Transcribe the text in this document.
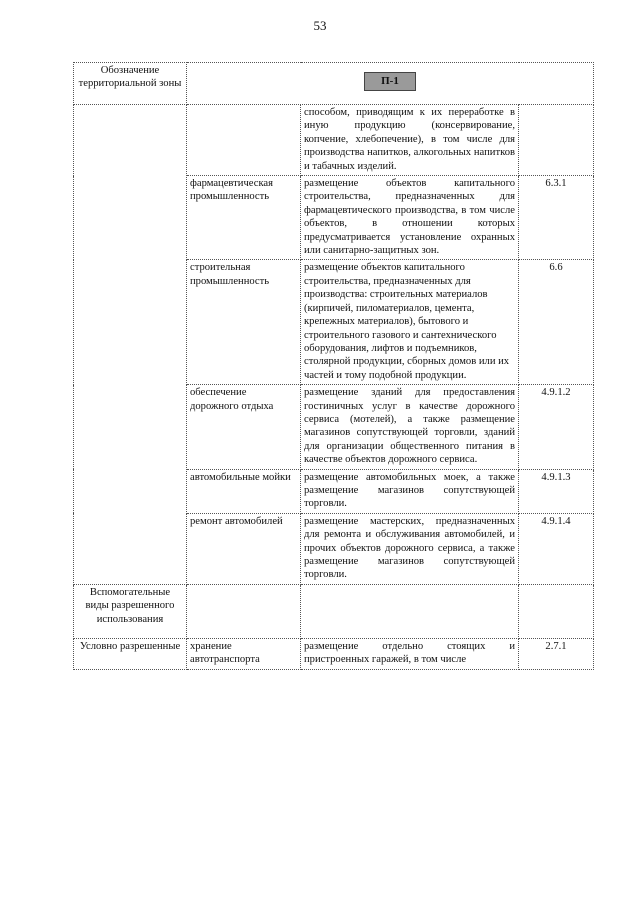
53
Обозначение территориальной зоны	П-1		
		способом, приводящим к их переработке в иную продукцию (консервирование, копчение, хлебопечение), в том числе для производства напитков, алкогольных напитков и табачных изделий.	
	фармацевтическая промышленность	размещение объектов капитального строительства, предназначенных для фармацевтического производства, в том числе объектов, в отношении которых предусматривается установление охранных или санитарно-защитных зон.	6.3.1
	строительная промышленность	размещение объектов капитального строительства, предназначенных для производства: строительных материалов (кирпичей, пиломатериалов, цемента, крепежных материалов), бытового и строительного газового и сантехнического оборудования, лифтов и подъемников, столярной продукции, сборных домов или их частей и тому подобной продукции.	6.6
	обеспечение дорожного отдыха	размещение зданий для предоставления гостиничных услуг в качестве дорожного сервиса (мотелей), а также размещение магазинов сопутствующей торговли, зданий для организации общественного питания в качестве объектов дорожного сервиса.	4.9.1.2
	автомобильные мойки	размещение автомобильных моек, а также размещение магазинов сопутствующей торговли.	4.9.1.3
	ремонт автомобилей	размещение мастерских, предназначенных для ремонта и обслуживания автомобилей, и прочих объектов дорожного сервиса, а также размещение магазинов сопутствующей торговли.	4.9.1.4
Вспомогательные виды разрешенного использования			
Условно разрешенные	хранение автотранспорта	размещение отдельно стоящих и пристроенных гаражей, в том числе	2.7.1
